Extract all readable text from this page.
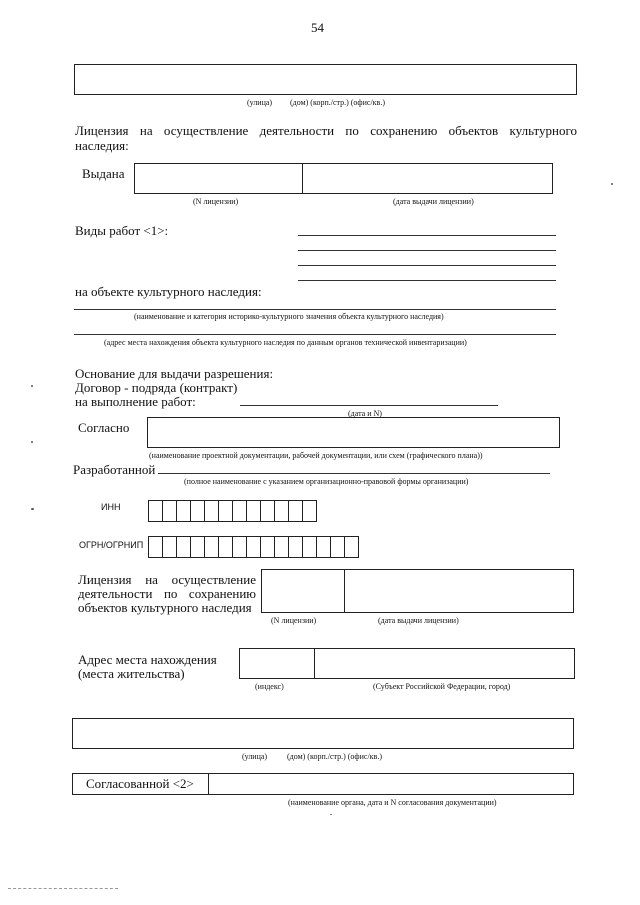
54
(улица) (дом) (корп./стр.) (офис/кв.)
Лицензия на осуществление деятельности по сохранению объектов культурного наследия:
Выдана
(N лицензии)	(дата выдачи лицензии)
Виды работ <1>:
на объекте культурного наследия:
(наименование и категория историко-культурного значения объекта культурного наследия)
(адрес места нахождения объекта культурного наследия по данным органов технической инвентаризации)
Основание для выдачи разрешения:
Договор - подряда (контракт)
на выполнение работ:
(дата и N)
Согласно
(наименование проектной документации, рабочей документации, или схем (графического плана))
Разработанной
(полное наименование с указанием организационно-правовой формы организации)
ИНН
ОГРН/ОГРНИП
Лицензия на осуществление
деятельности по сохранению
объектов культурного наследия
(N лицензии)	(дата выдачи лицензии)
Адрес места нахождения
(места жительства)
(индекс)	(Субъект Российской Федерации, город)
(улица) (дом) (корп./стр.) (офис/кв.)
Согласованной <2>
(наименование органа, дата и N согласования документации)
